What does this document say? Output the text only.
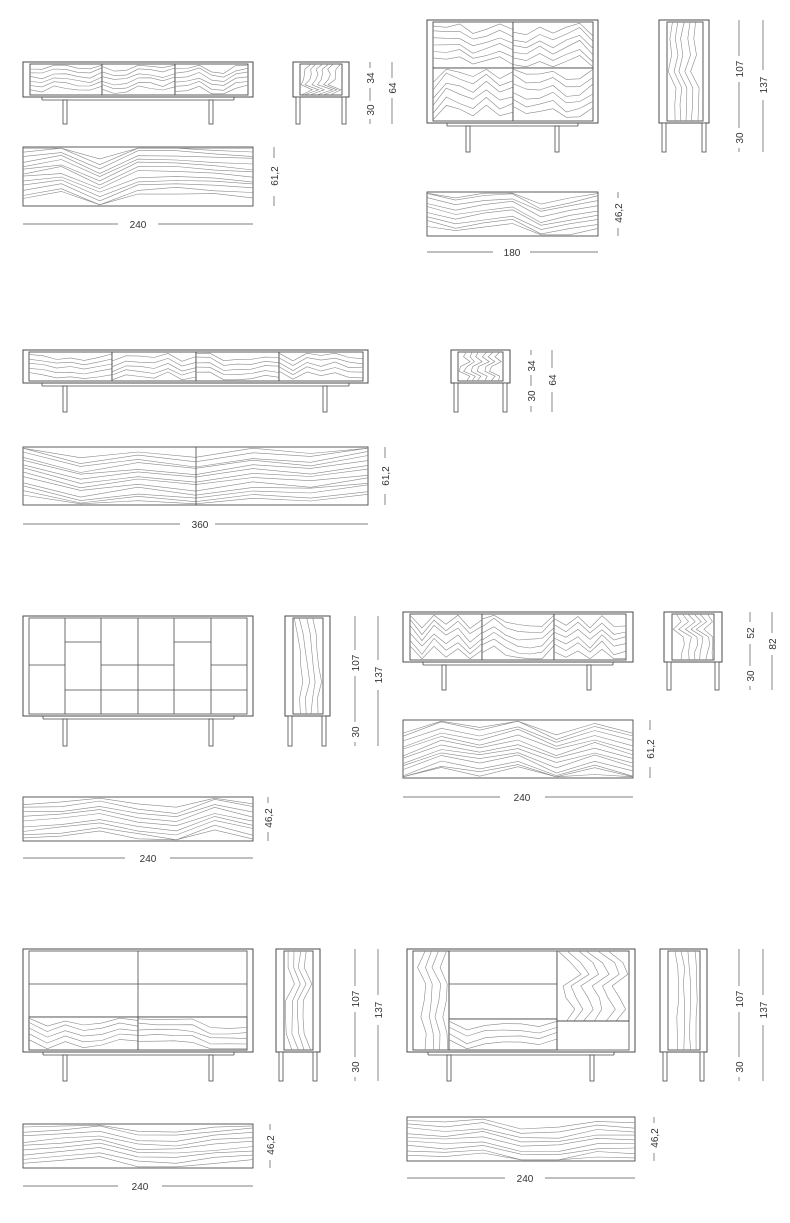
240
61,2
34
30
64
180
46,2
107
30
137
360
61,2
34
30
64
240
46,2
107
30
137
240
61,2
52
30
82
240
46,2
107
30
137
240
46,2
107
30
137
